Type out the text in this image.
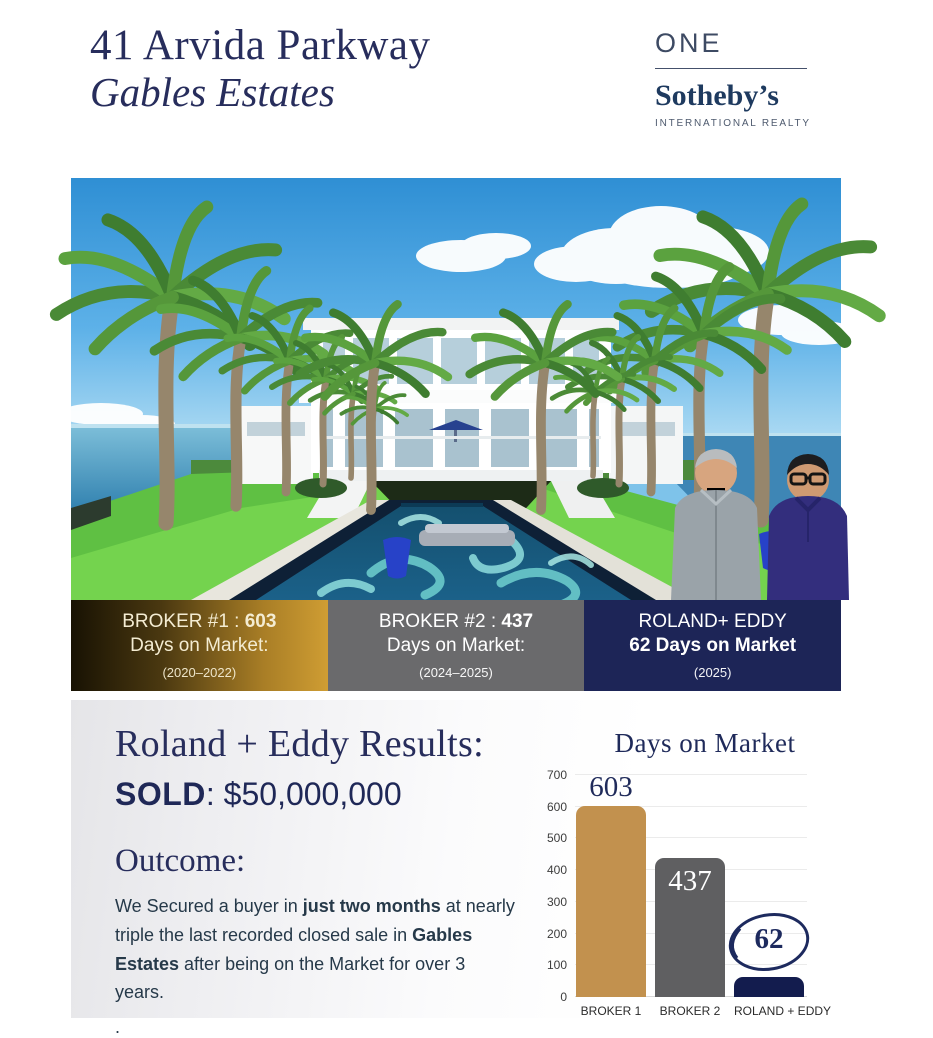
41 Arvida Parkway
Gables Estates
ONE
Sotheby’s
INTERNATIONAL REALTY
BROKER #1 : 603
Days on Market:
(2020–2022)
BROKER #2 : 437
Days on Market:
(2024–2025)
ROLAND+ EDDY
62 Days on Market
(2025)
Roland + Eddy Results:
SOLD: $50,000,000
Outcome:
We Secured a buyer in just two months at nearly triple the last recorded closed sale in Gables Estates after being on the Market for over 3 years.
.
Days on Market
603
437
62
0
100
200
300
400
500
600
700
BROKER 1	BROKER 2	ROLAND + EDDY
